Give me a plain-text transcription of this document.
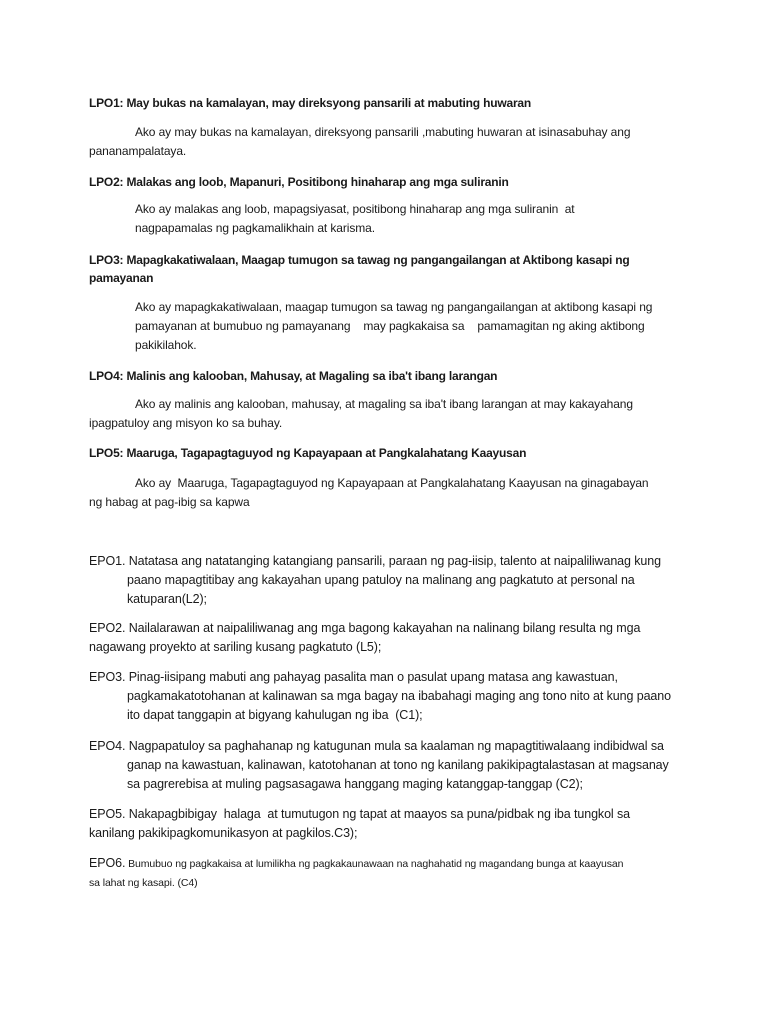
LPO1: May bukas na kamalayan, may direksyong pansarili at mabuting huwaran
Ako ay may bukas na kamalayan, direksyong pansarili ,mabuting huwaran at isinasabuhay ang
pananampalataya.
LPO2: Malakas ang loob, Mapanuri, Positibong hinaharap ang mga suliranin
Ako ay malakas ang loob, mapagsiyasat, positibong hinaharap ang mga suliranin  at
nagpapamalas ng pagkamalikhain at karisma.
LPO3: Mapagkakatiwalaan, Maagap tumugon sa tawag ng pangangailangan at Aktibong kasapi ng
pamayanan
Ako ay mapagkakatiwalaan, maagap tumugon sa tawag ng pangangailangan at aktibong kasapi ng
pamayanan at bumubuo ng pamayanang    may pagkakaisa sa    pamamagitan ng aking aktibong
pakikilahok.
LPO4: Malinis ang kalooban, Mahusay, at Magaling sa iba't ibang larangan
Ako ay malinis ang kalooban, mahusay, at magaling sa iba't ibang larangan at may kakayahang
ipagpatuloy ang misyon ko sa buhay.
LPO5: Maaruga, Tagapagtaguyod ng Kapayapaan at Pangkalahatang Kaayusan
Ako ay  Maaruga, Tagapagtaguyod ng Kapayapaan at Pangkalahatang Kaayusan na ginagabayan
ng habag at pag-ibig sa kapwa
EPO1. Natatasa ang natatanging katangiang pansarili, paraan ng pag-iisip, talento at naipaliliwanag kung
paano mapagtitibay ang kakayahan upang patuloy na malinang ang pagkatuto at personal na
katuparan(L2);
EPO2. Nailalarawan at naipaliliwanag ang mga bagong kakayahan na nalinang bilang resulta ng mga
nagawang proyekto at sariling kusang pagkatuto (L5);
EPO3. Pinag-iisipang mabuti ang pahayag pasalita man o pasulat upang matasa ang kawastuan,
pagkamakatotohanan at kalinawan sa mga bagay na ibabahagi maging ang tono nito at kung paano
ito dapat tanggapin at bigyang kahulugan ng iba  (C1);
EPO4. Nagpapatuloy sa paghahanap ng katugunan mula sa kaalaman ng mapagtitiwalaang indibidwal sa
ganap na kawastuan, kalinawan, katotohanan at tono ng kanilang pakikipagtalastasan at magsanay
sa pagrerebisa at muling pagsasagawa hanggang maging katanggap-tanggap (C2);
EPO5. Nakapagbibigay  halaga  at tumutugon ng tapat at maayos sa puna/pidbak ng iba tungkol sa
kanilang pakikipagkomunikasyon at pagkilos.C3);
EPO6. Bumubuo ng pagkakaisa at lumilikha ng pagkakaunawaan na naghahatid ng magandang bunga at kaayusan
sa lahat ng kasapi. (C4)
